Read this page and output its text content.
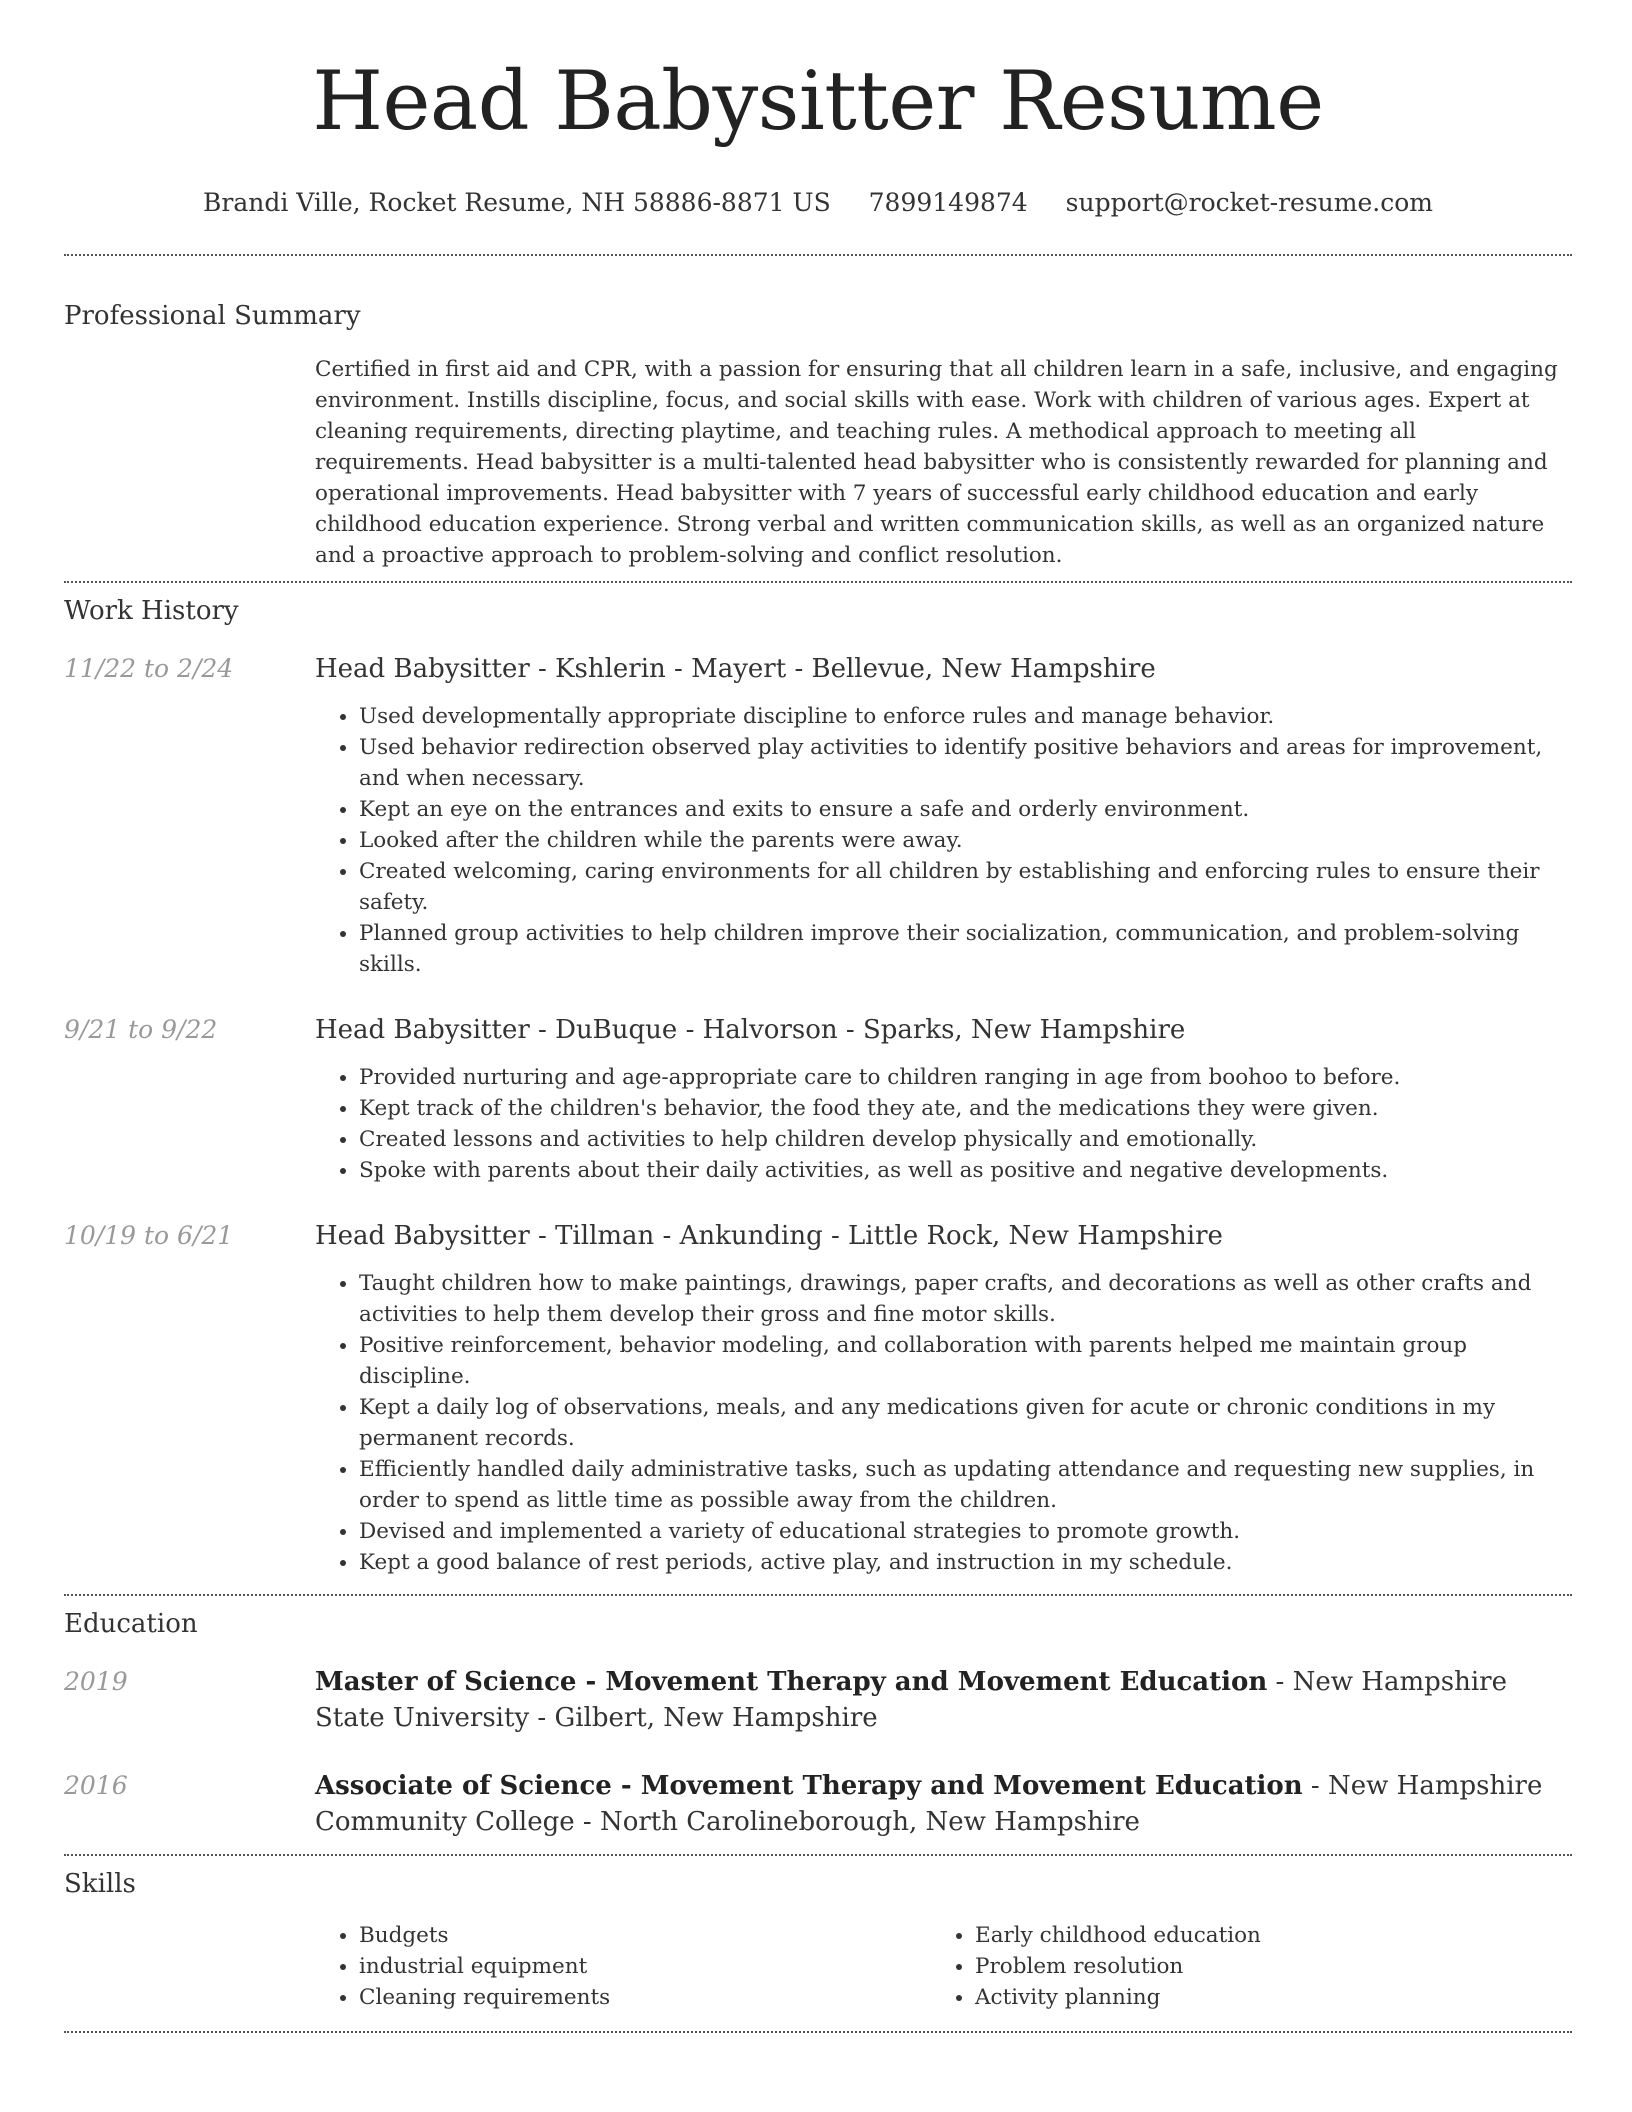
Head Babysitter Resume
Brandi Ville, Rocket Resume, NH 58886-8871 US 7899149874 support@rocket-resume.com
Professional Summary
Certified in first aid and CPR, with a passion for ensuring that all children learn in a safe, inclusive, and engaging environment. Instills discipline, focus, and social skills with ease. Work with children of various ages. Expert at cleaning requirements, directing playtime, and teaching rules. A methodical approach to meeting all requirements. Head babysitter is a multi-talented head babysitter who is consistently rewarded for planning and operational improvements. Head babysitter with 7 years of successful early childhood education and early childhood education experience. Strong verbal and written communication skills, as well as an organized nature and a proactive approach to problem-solving and conflict resolution.
Work History
11/22 to 2/24	Head Babysitter - Kshlerin - Mayert - Bellevue, New Hampshire
• Used developmentally appropriate discipline to enforce rules and manage behavior.
• Used behavior redirection observed play activities to identify positive behaviors and areas for improvement, and when necessary.
• Kept an eye on the entrances and exits to ensure a safe and orderly environment.
• Looked after the children while the parents were away.
• Created welcoming, caring environments for all children by establishing and enforcing rules to ensure their safety.
• Planned group activities to help children improve their socialization, communication, and problem-solving skills.
9/21 to 9/22	Head Babysitter - DuBuque - Halvorson - Sparks, New Hampshire
• Provided nurturing and age-appropriate care to children ranging in age from boohoo to before.
• Kept track of the children's behavior, the food they ate, and the medications they were given.
• Created lessons and activities to help children develop physically and emotionally.
• Spoke with parents about their daily activities, as well as positive and negative developments.
10/19 to 6/21	Head Babysitter - Tillman - Ankunding - Little Rock, New Hampshire
• Taught children how to make paintings, drawings, paper crafts, and decorations as well as other crafts and activities to help them develop their gross and fine motor skills.
• Positive reinforcement, behavior modeling, and collaboration with parents helped me maintain group discipline.
• Kept a daily log of observations, meals, and any medications given for acute or chronic conditions in my permanent records.
• Efficiently handled daily administrative tasks, such as updating attendance and requesting new supplies, in order to spend as little time as possible away from the children.
• Devised and implemented a variety of educational strategies to promote growth.
• Kept a good balance of rest periods, active play, and instruction in my schedule.
Education
2019	Master of Science - Movement Therapy and Movement Education - New Hampshire State University - Gilbert, New Hampshire
2016	Associate of Science - Movement Therapy and Movement Education - New Hampshire Community College - North Carolineborough, New Hampshire
Skills
• Budgets
• industrial equipment
• Cleaning requirements
• Early childhood education
• Problem resolution
• Activity planning
